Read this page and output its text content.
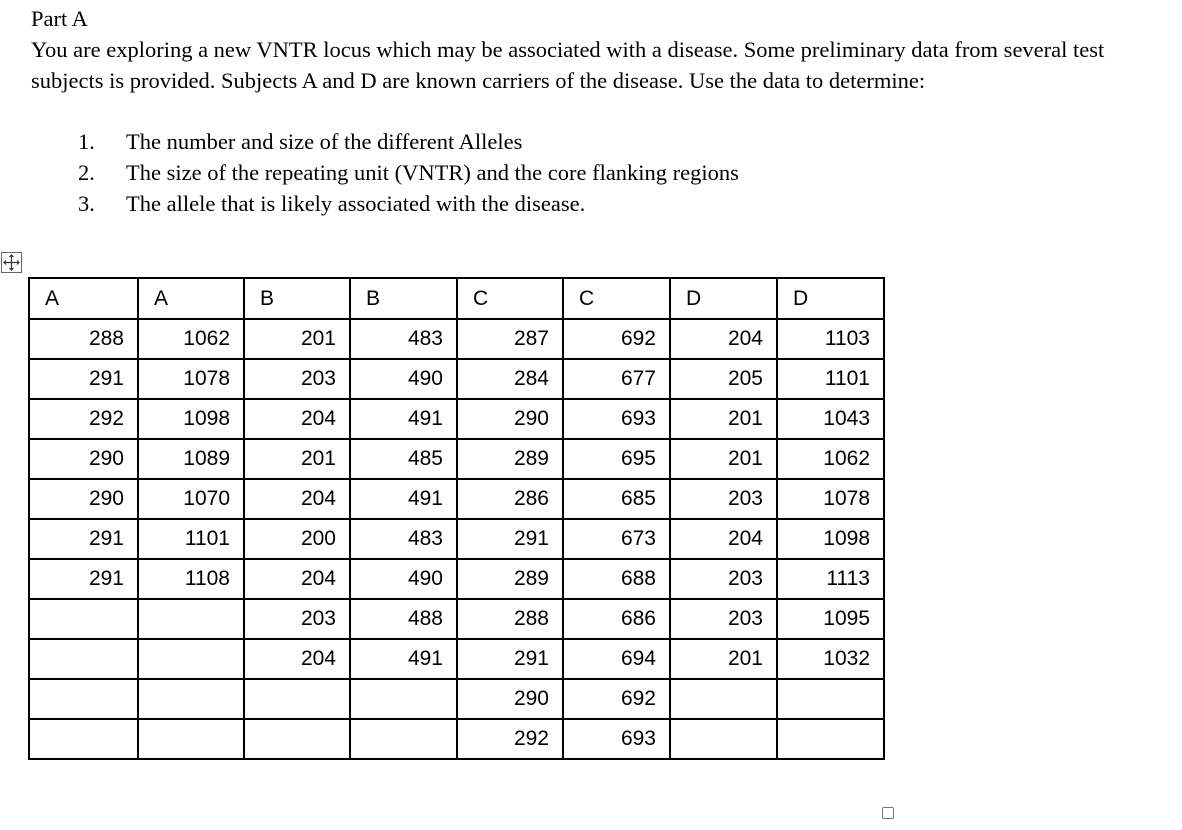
Part A
You are exploring a new VNTR locus which may be associated with a disease. Some preliminary data from several test subjects is provided. Subjects A and D are known carriers of the disease. Use the data to determine:
1. The number and size of the different Alleles
2. The size of the repeating unit (VNTR) and the core flanking regions
3. The allele that is likely associated with the disease.
A	A	B	B	C	C	D	D
288	1062	201	483	287	692	204	1103
291	1078	203	490	284	677	205	1101
292	1098	204	491	290	693	201	1043
290	1089	201	485	289	695	201	1062
290	1070	204	491	286	685	203	1078
291	1101	200	483	291	673	204	1098
291	1108	204	490	289	688	203	1113
		203	488	288	686	203	1095
		204	491	291	694	201	1032
				290	692		
				292	693		
